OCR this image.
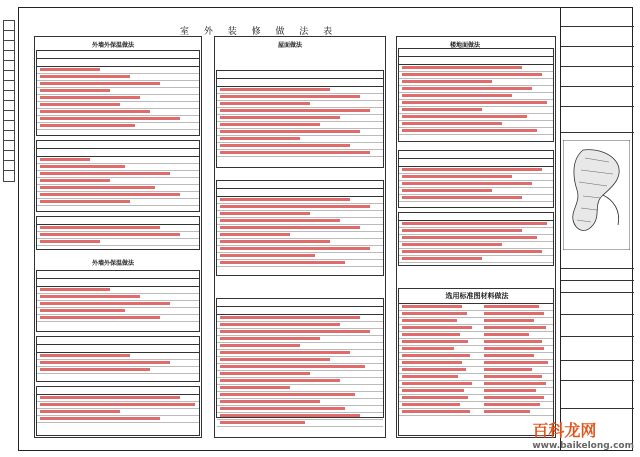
室 外 装 修 做 法 表
外墙外保温做法
外墙外保温做法
屋面做法	楼地面做法
选用标准图材料做法
百科龙网
www.baikelong.com
